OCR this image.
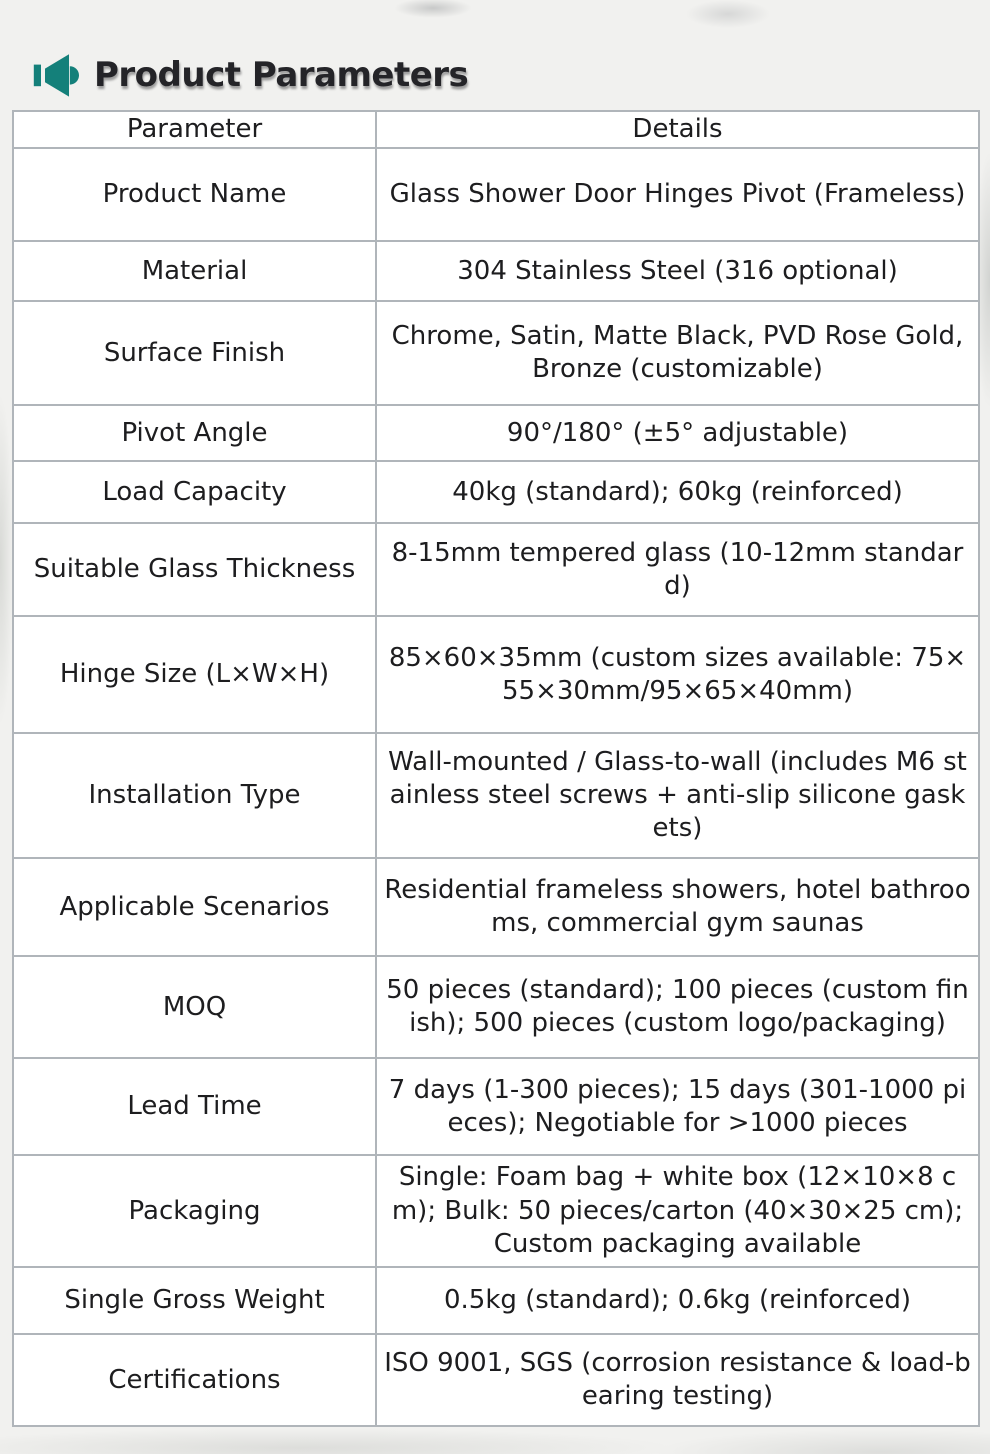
Product Parameters
Parameter	Details
Product Name	Glass Shower Door Hinges Pivot (Frameless)
Material	304 Stainless Steel (316 optional)
Surface Finish	Chrome, Satin, Matte Black, PVD Rose Gold, Bronze (customizable)
Pivot Angle	90°/180° (±5° adjustable)
Load Capacity	40kg (standard); 60kg (reinforced)
Suitable Glass Thickness	8-15mm tempered glass (10-12mm standard)
Hinge Size (L×W×H)	85×60×35mm (custom sizes available: 75×55×30mm/95×65×40mm)
Installation Type	Wall-mounted / Glass-to-wall (includes M6 stainless steel screws + anti-slip silicone gaskets)
Applicable Scenarios	Residential frameless showers, hotel bathrooms, commercial gym saunas
MOQ	50 pieces (standard); 100 pieces (custom finish); 500 pieces (custom logo/packaging)
Lead Time	7 days (1-300 pieces); 15 days (301-1000 pieces); Negotiable for >1000 pieces
Packaging	Single: Foam bag + white box (12×10×8 cm); Bulk: 50 pieces/carton (40×30×25 cm); Custom packaging available
Single Gross Weight	0.5kg (standard); 0.6kg (reinforced)
Certifications	ISO 9001, SGS (corrosion resistance & load-bearing testing)
